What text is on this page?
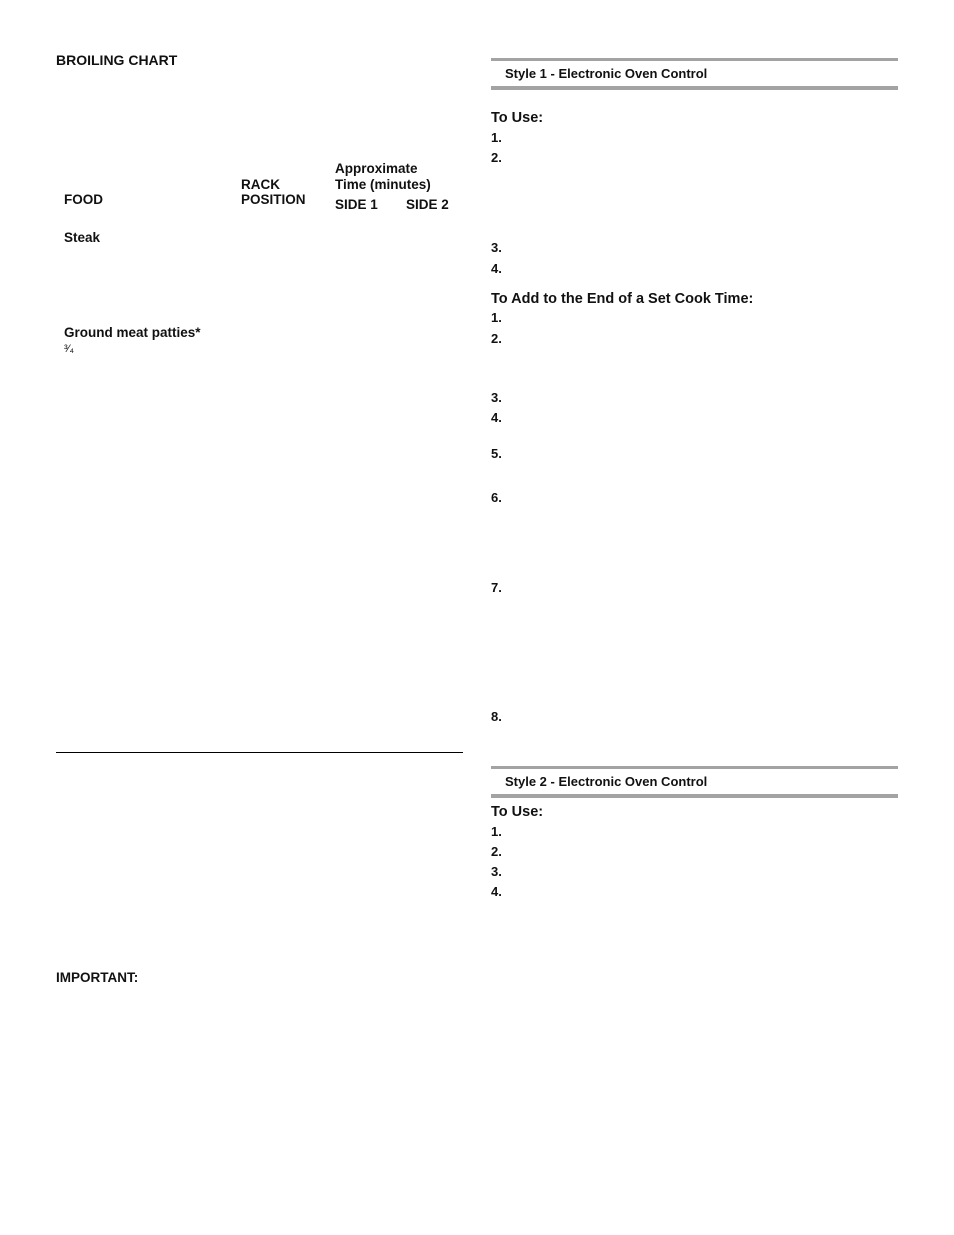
BROILING CHART
FOOD
RACK
POSITION
Approximate
Time (minutes)
SIDE 1 SIDE 2
Steak
Ground meat patties*
³⁄₄
IMPORTANT:
Style 1 - Electronic Oven Control
To Use:
1.
2.
3.
4.
To Add to the End of a Set Cook Time:
1.
2.
3.
4.
5.
6.
7.
8.
Style 2 - Electronic Oven Control
To Use:
1.
2.
3.
4.
